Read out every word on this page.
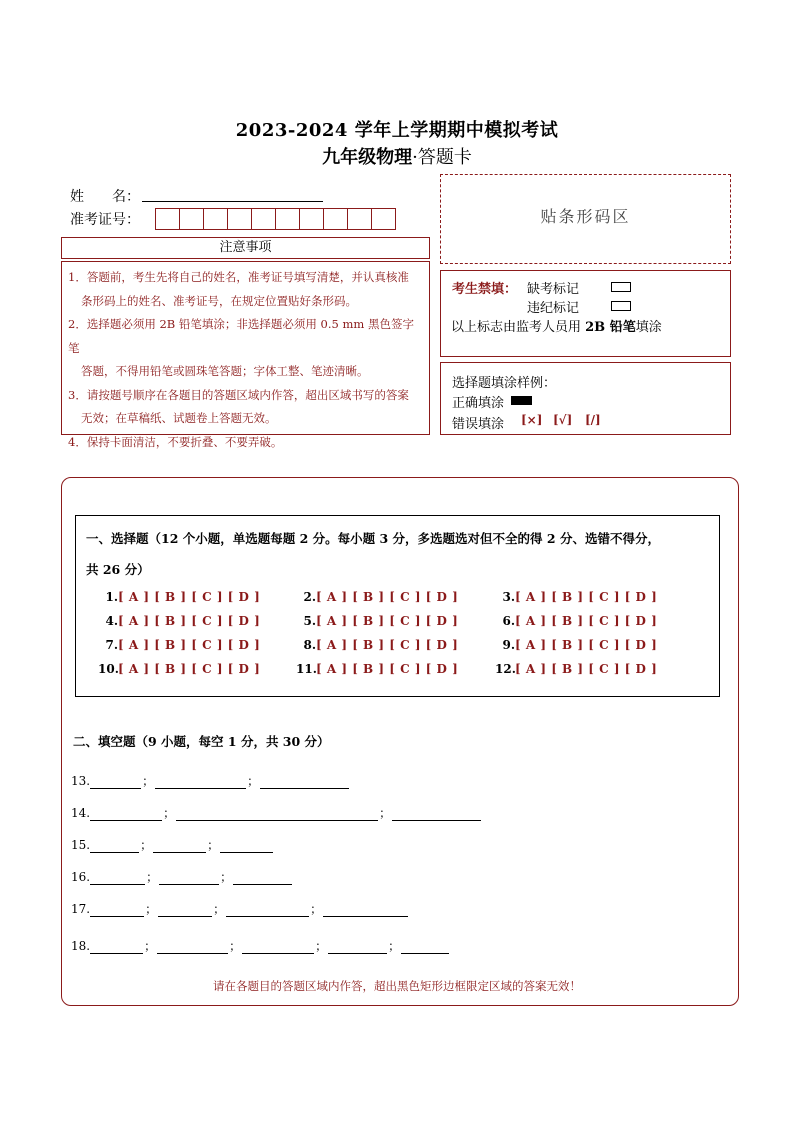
2023-2024 学年上学期期中模拟考试
九年级物理·答题卡
姓　　名：
准考证号：	贴条形码区
注意事项
1．答题前，考生先将自己的姓名，准考证号填写清楚，并认真核准
条形码上的姓名、准考证号，在规定位置贴好条形码。
2．选择题必须用 2B 铅笔填涂；非选择题必须用 0.5 mm 黑色签字笔
答题，不得用铅笔或圆珠笔答题；字体工整、笔迹清晰。
3．请按题号顺序在各题目的答题区域内作答，超出区域书写的答案
无效；在草稿纸、试题卷上答题无效。
4．保持卡面清洁，不要折叠、不要弄破。
考生禁填： 缺考标记
违纪标记
以上标志由监考人员用 2B 铅笔填涂
选择题填涂样例：
正确填涂
错误填涂 [×] [√] [/]
一、选择题（12 个小题，单选题每题 2 分。每小题 3 分，多选题选对但不全的得 2 分、选错不得分，
共 26 分）
1.[ A ] [ B ] [ C ] [ D ]	2.[ A ] [ B ] [ C ] [ D ]	3.[ A ] [ B ] [ C ] [ D ]
4.[ A ] [ B ] [ C ] [ D ]	5.[ A ] [ B ] [ C ] [ D ]	6.[ A ] [ B ] [ C ] [ D ]
7.[ A ] [ B ] [ C ] [ D ]	8.[ A ] [ B ] [ C ] [ D ]	9.[ A ] [ B ] [ C ] [ D ]
10.[ A ] [ B ] [ C ] [ D ]	11.[ A ] [ B ] [ C ] [ D ]	12.[ A ] [ B ] [ C ] [ D ]
二、填空题（9 小题，每空 1 分，共 30 分）
13.	；	；
14.	；	；
15.	；	；
16.	；	；
17.	；	；	；
18.	；	；	；	；
请在各题目的答题区域内作答，超出黑色矩形边框限定区域的答案无效！
